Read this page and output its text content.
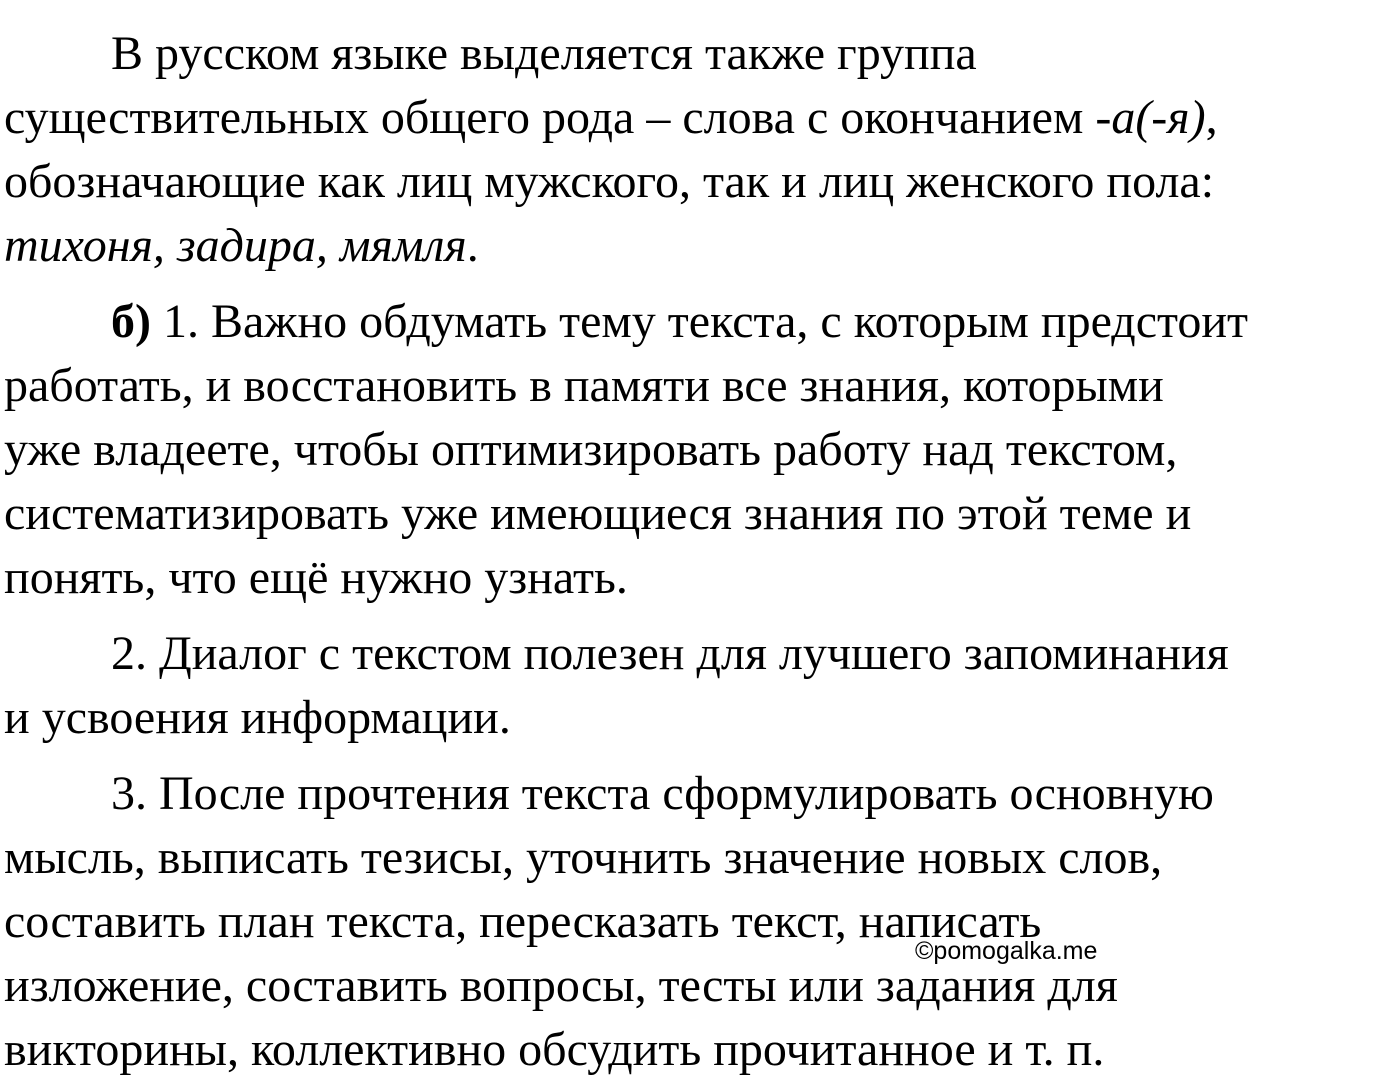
В русском языке выделяется также группа
существительных общего рода – слова с окончанием -а(-я),
обозначающие как лиц мужского, так и лиц женского пола:
тихоня, задира, мямля.
б) 1. Важно обдумать тему текста, с которым предстоит
работать, и восстановить в памяти все знания, которыми
уже владеете, чтобы оптимизировать работу над текстом,
систематизировать уже имеющиеся знания по этой теме и
понять, что ещё нужно узнать.
2. Диалог с текстом полезен для лучшего запоминания
и усвоения информации.
3. После прочтения текста сформулировать основную
мысль, выписать тезисы, уточнить значение новых слов,
составить план текста, пересказать текст, написать
изложение, составить вопросы, тесты или задания для
викторины, коллективно обсудить прочитанное и т. п.
©pomogalka.me
